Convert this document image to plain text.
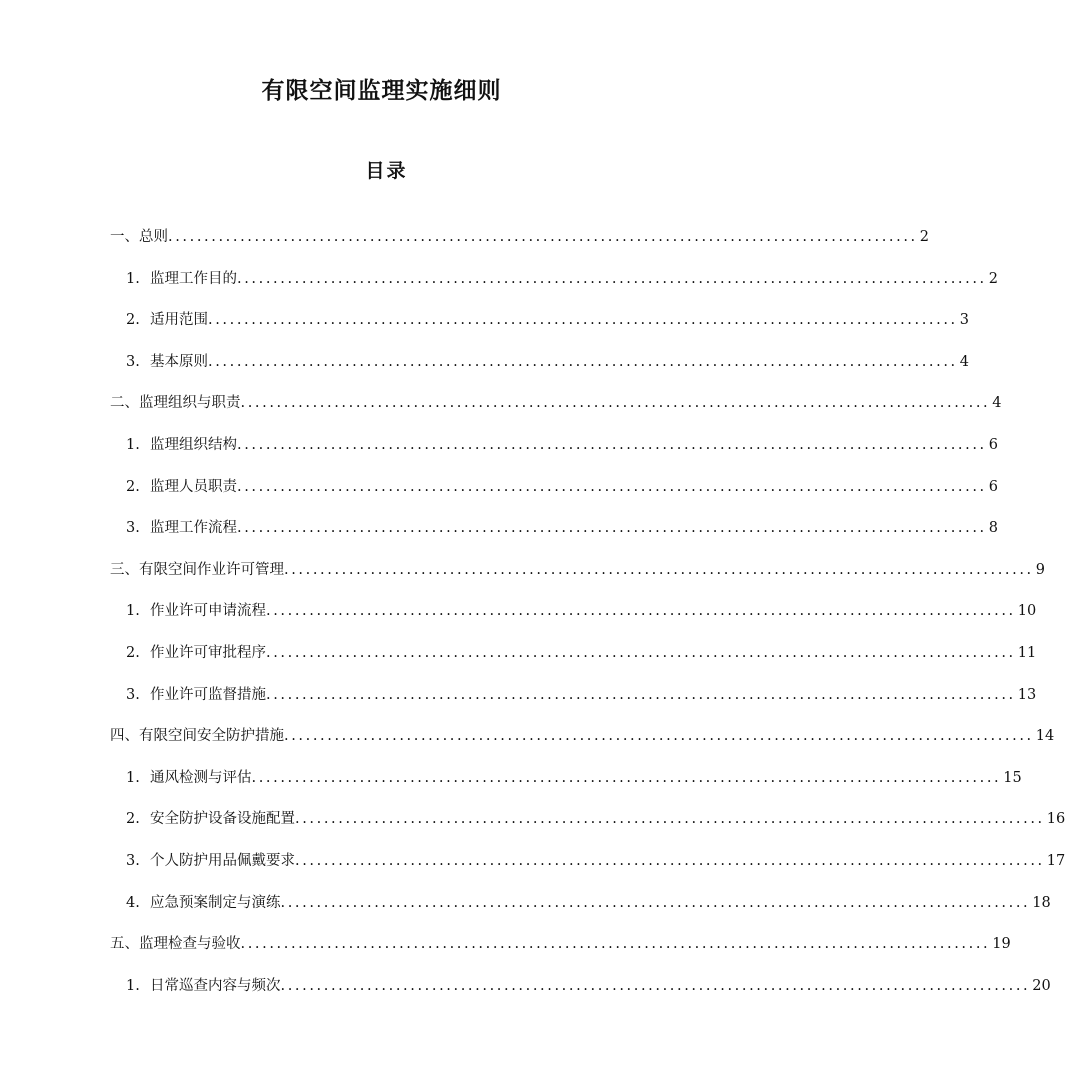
有限空间监理实施细则
目录
一、总则 ........................................................................................................ 2
1. 监理工作目的 ........................................................................................................ 2
2. 适用范围 ........................................................................................................ 3
3. 基本原则 ........................................................................................................ 4
二、监理组织与职责 ........................................................................................................ 4
1. 监理组织结构 ........................................................................................................ 6
2. 监理人员职责 ........................................................................................................ 6
3. 监理工作流程 ........................................................................................................ 8
三、有限空间作业许可管理 ........................................................................................................ 9
1. 作业许可申请流程 ........................................................................................................ 10
2. 作业许可审批程序 ........................................................................................................ 11
3. 作业许可监督措施 ........................................................................................................ 13
四、有限空间安全防护措施 ........................................................................................................ 14
1. 通风检测与评估 ........................................................................................................ 15
2. 安全防护设备设施配置 ........................................................................................................ 16
3. 个人防护用品佩戴要求 ........................................................................................................ 17
4. 应急预案制定与演练 ........................................................................................................ 18
五、监理检查与验收 ........................................................................................................ 19
1. 日常巡查内容与频次 ........................................................................................................ 20
